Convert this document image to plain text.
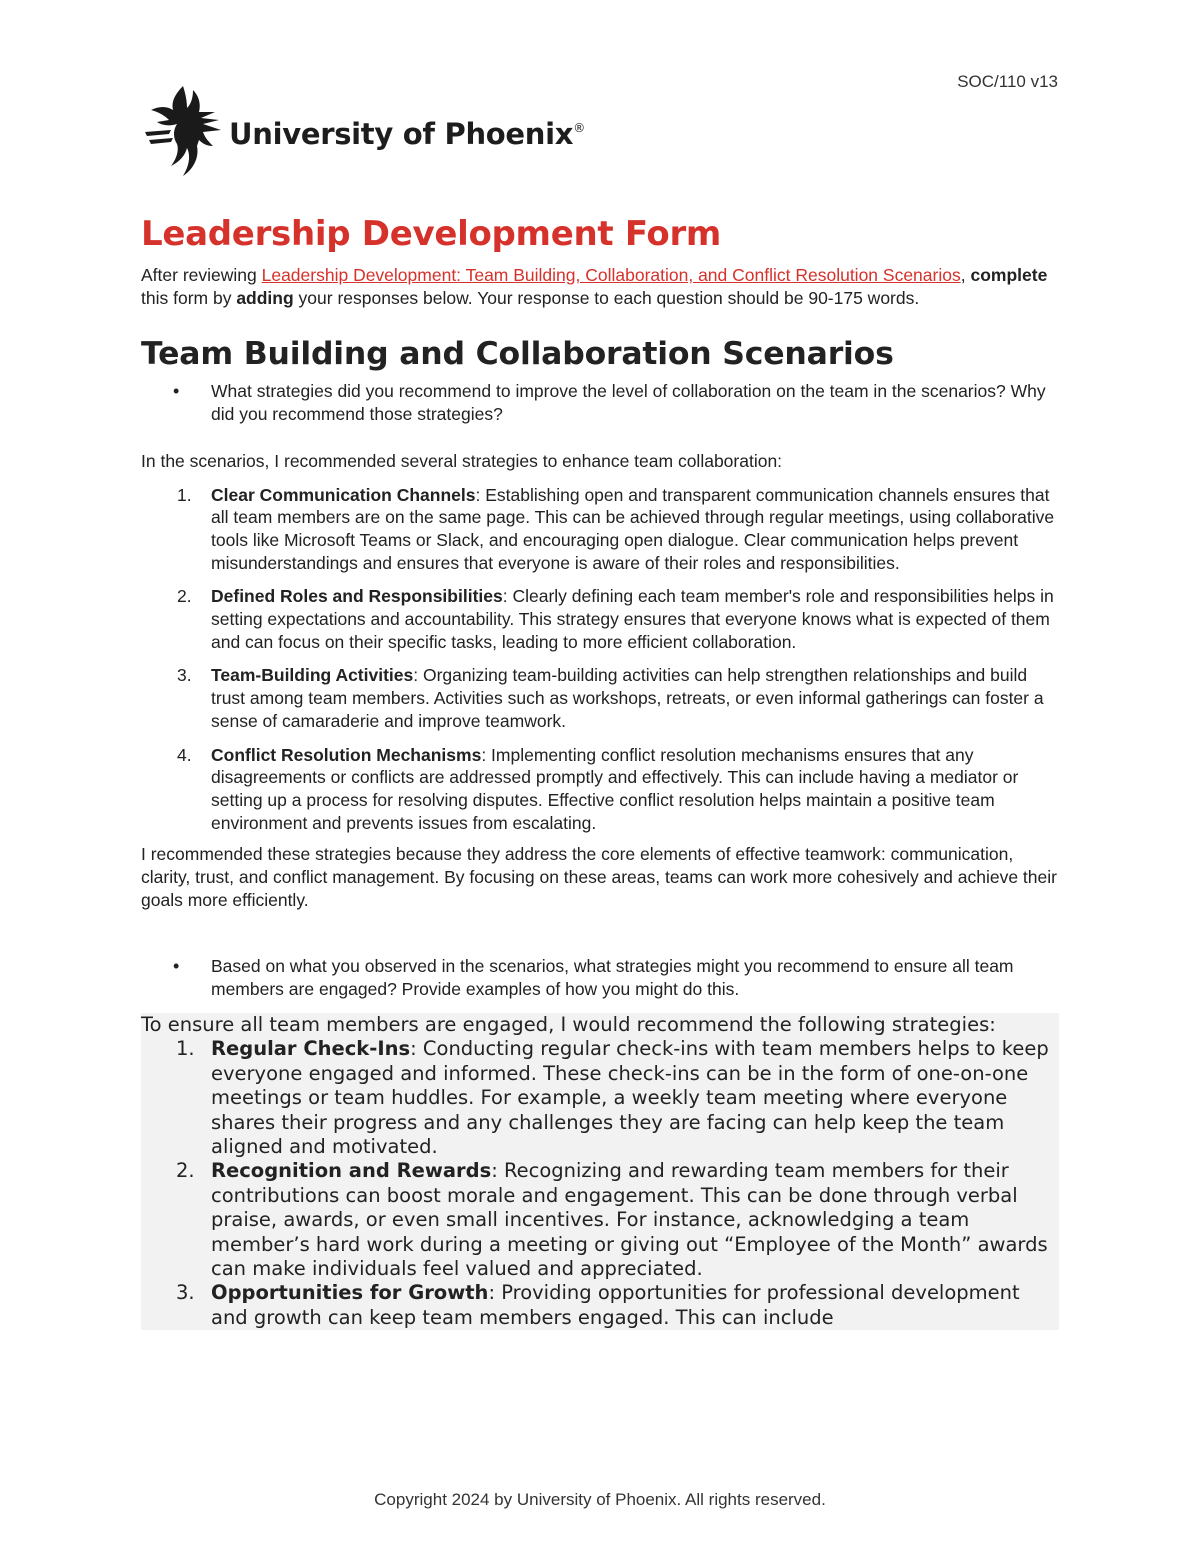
SOC/110 v13
University of Phoenix®
Leadership Development Form

After reviewing Leadership Development: Team Building, Collaboration, and Conflict Resolution Scenarios, complete this form by adding your responses below. Your response to each question should be 90-175 words.

Team Building and Collaboration Scenarios
• What strategies did you recommend to improve the level of collaboration on the team in the scenarios? Why did you recommend those strategies?

In the scenarios, I recommended several strategies to enhance team collaboration:

1. Clear Communication Channels: Establishing open and transparent communication channels ensures that all team members are on the same page. This can be achieved through regular meetings, using collaborative tools like Microsoft Teams or Slack, and encouraging open dialogue. Clear communication helps prevent misunderstandings and ensures that everyone is aware of their roles and responsibilities.
2. Defined Roles and Responsibilities: Clearly defining each team member's role and responsibilities helps in setting expectations and accountability. This strategy ensures that everyone knows what is expected of them and can focus on their specific tasks, leading to more efficient collaboration.
3. Team-Building Activities: Organizing team-building activities can help strengthen relationships and build trust among team members. Activities such as workshops, retreats, or even informal gatherings can foster a sense of camaraderie and improve teamwork.
4. Conflict Resolution Mechanisms: Implementing conflict resolution mechanisms ensures that any disagreements or conflicts are addressed promptly and effectively. This can include having a mediator or setting up a process for resolving disputes. Effective conflict resolution helps maintain a positive team environment and prevents issues from escalating.

I recommended these strategies because they address the core elements of effective teamwork: communication, clarity, trust, and conflict management. By focusing on these areas, teams can work more cohesively and achieve their goals more efficiently.

• Based on what you observed in the scenarios, what strategies might you recommend to ensure all team members are engaged? Provide examples of how you might do this.

To ensure all team members are engaged, I would recommend the following strategies:

1. Regular Check-Ins: Conducting regular check-ins with team members helps to keep everyone engaged and informed. These check-ins can be in the form of one-on-one meetings or team huddles. For example, a weekly team meeting where everyone shares their progress and any challenges they are facing can help keep the team aligned and motivated.
2. Recognition and Rewards: Recognizing and rewarding team members for their contributions can boost morale and engagement. This can be done through verbal praise, awards, or even small incentives. For instance, acknowledging a team member’s hard work during a meeting or giving out “Employee of the Month” awards can make individuals feel valued and appreciated.
3. Opportunities for Growth: Providing opportunities for professional development and growth can keep team members engaged. This can include
Copyright 2024 by University of Phoenix. All rights reserved.
